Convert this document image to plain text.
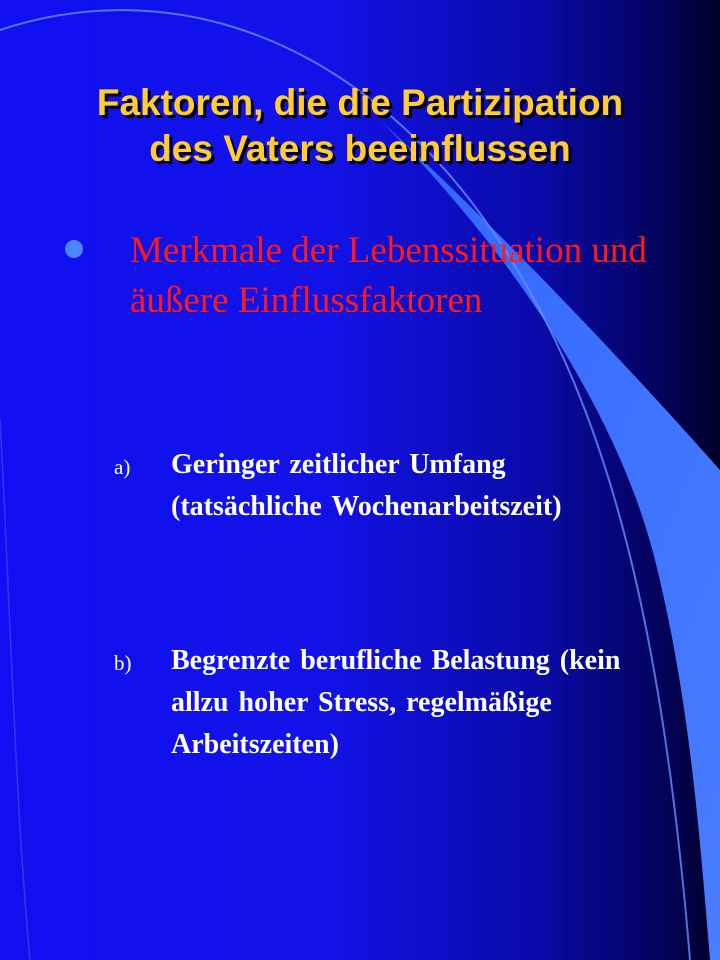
Faktoren, die die Partizipation
des Vaters beeinflussen

Merkmale der Lebenssituation und äußere Einflussfaktoren

a) Geringer zeitlicher Umfang (tatsächliche Wochenarbeitszeit)
b) Begrenzte berufliche Belastung (kein allzu hoher Stress, regelmäßige Arbeitszeiten)
